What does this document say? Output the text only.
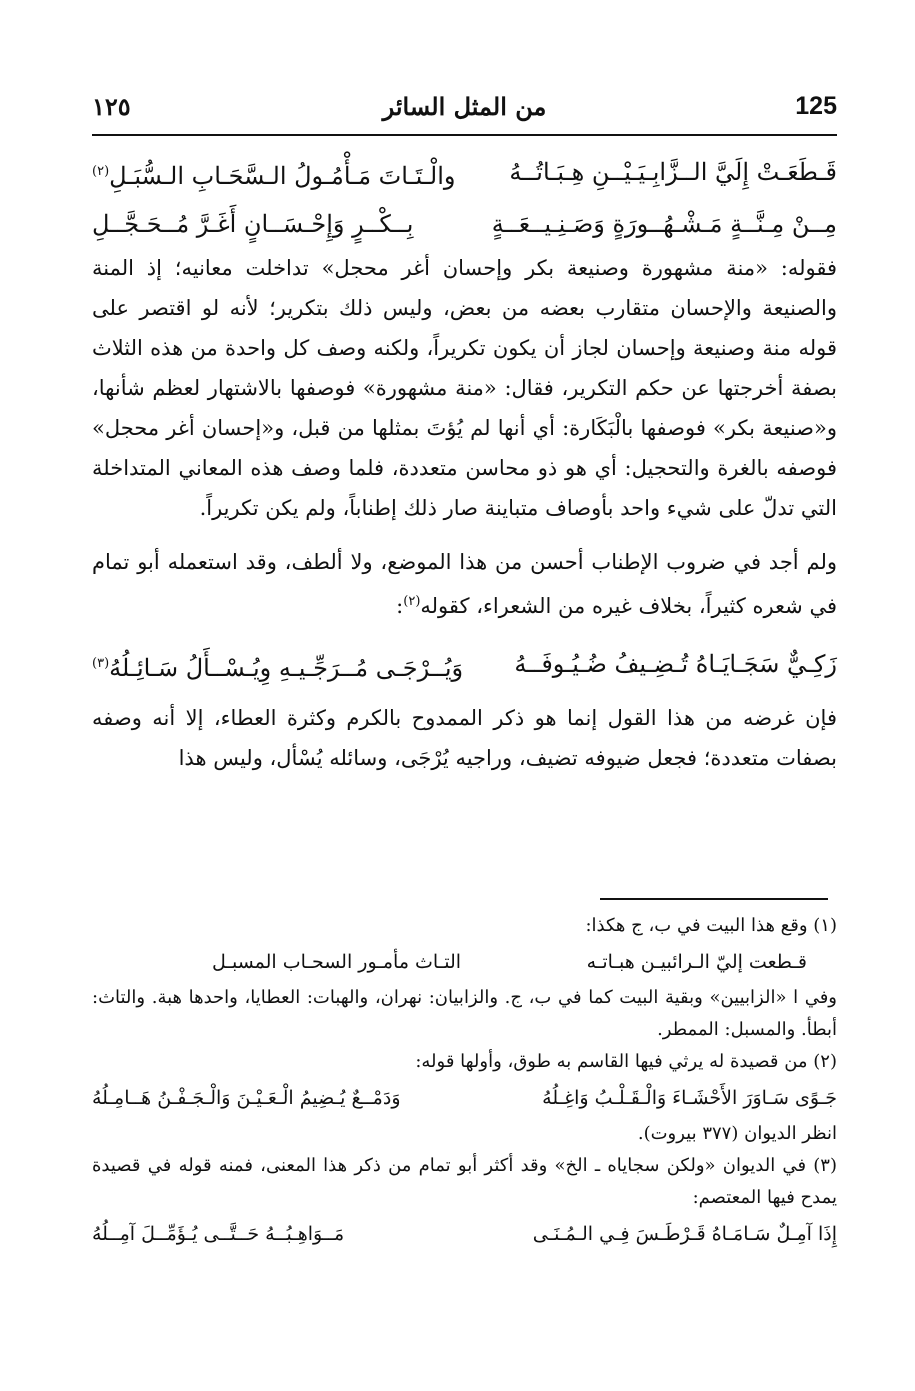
125
من المثل السائر
١٢٥
قَـطَعَـتْ إِلَيَّ الــزَّابِـيَـيْــنِ هِـبَـاتُــهُ
والْـتَـاتَ مَـأْمُـولُ الـسَّحَـابِ الـسُّبَـلِ$^{(٢)}$
مِــنْ مِـنَّــةٍ مَـشْـهُــورَةٍ وَصَـنِـيــعَــةٍ
بِــكْــرٍ وَإِحْـسَــانٍ أَغَـرَّ مُــحَـجَّــلِ

فقوله: «منة مشهورة وصنيعة بكر وإحسان أغر محجل» تداخلت معانيه؛ إذ المنة والصنيعة والإحسان متقارب بعضه من بعض، وليس ذلك بتكرير؛ لأنه لو اقتصر على قوله منة وصنيعة وإحسان لجاز أن يكون تكريراً، ولكنه وصف كل واحدة من هذه الثلاث بصفة أخرجتها عن حكم التكرير، فقال: «منة مشهورة» فوصفها بالاشتهار لعظم شأنها، و«صنيعة بكر» فوصفها بالْبَكَارة: أي أنها لم يُؤتَ بمثلها من قبل، و«إحسان أغر محجل» فوصفه بالغرة والتحجيل: أي هو ذو محاسن متعددة، فلما وصف هذه المعاني المتداخلة التي تدلّ على شيء واحد بأوصاف متباينة صار ذلك إطناباً، ولم يكن تكريراً.

ولم أجد في ضروب الإطناب أحسن من هذا الموضع، ولا ألطف، وقد استعمله أبو تمام في شعره كثيراً، بخلاف غيره من الشعراء، كقوله$^{(٢)}$:

زَكِـيٌّ سَجَـايَـاهُ تُـضِـيفُ ضُـيُـوفَــهُ
وَيُــرْجَـى مُــرَجِّـيـهِ وِيُـسْــأَلُ سَـائِـلُهُ$^{(٣)}$

فإن غرضه من هذا القول إنما هو ذكر الممدوح بالكرم وكثرة العطاء، إلا أنه وصفه بصفات متعددة؛ فجعل ضيوفه تضيف، وراجيه يُرْجَى، وسائله يُسْأل، وليس هذا

(١) وقع هذا البيت في ب، ج هكذا:

قـطعت إليّ الـرائبيـن هبـاتـه
التـاث مأمـور السحـاب المسبـل

وفي ا «الزابيين» وبقية البيت كما في ب، ج. والزابيان: نهران، والهبات: العطايا، واحدها هبة. والتاث: أبطأ. والمسبل: الممطر.

(٢) من قصيدة له يرثي فيها القاسم به طوق، وأولها قوله:

جَـوًى سَـاوَرَ الأَحْشَـاءَ وَالْـقَـلْـبُ وَاغِـلُهُ
وَدَمْــعٌ يُـضِيمُ الْـعَـيْـنَ وَالْـجَـفْـنُ هَــامِـلُهُ

انظر الديوان (٣٧٧ بيروت).

(٣) في الديوان «ولكن سجاياه ـ الخ» وقد أكثر أبو تمام من ذكر هذا المعنى، فمنه قوله في قصيدة يمدح فيها المعتصم:

إِذَا آمِـلٌ سَـامَـاهُ قَـرْطَـسَ فِـي الـمُـنَـى
مَــوَاهِـبُــهُ حَــتَّــى يُـؤَمِّــلَ آمِــلُهُ
